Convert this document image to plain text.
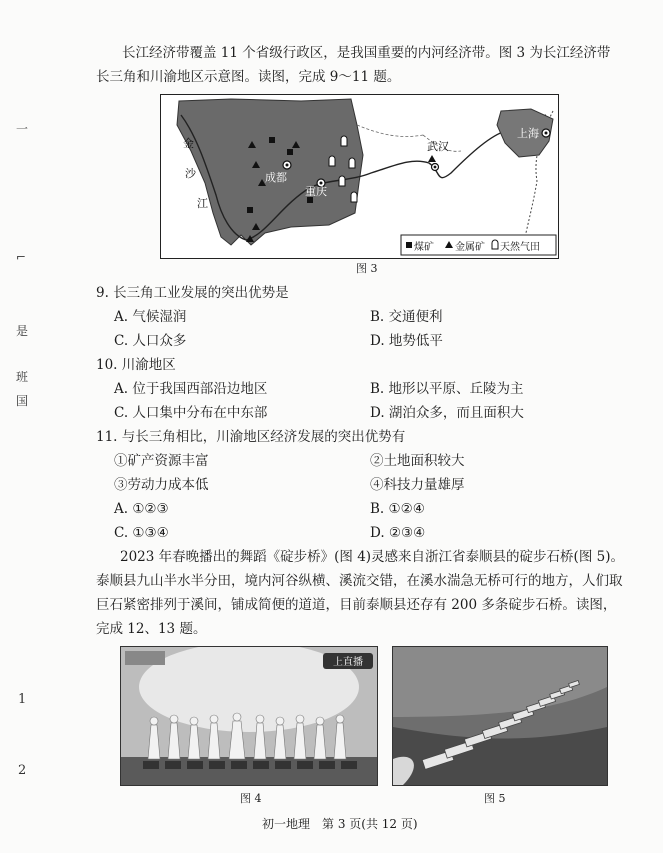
一
⌐
是
班
国
1
2
长江经济带覆盖 11 个省级行政区，是我国重要的内河经济带。图 3 为长江经济带
长三角和川渝地区示意图。读图，完成 9～11 题。
金
沙
江
成都
重庆
武汉
上海
煤矿 金属矿 天然气田
图 3
9. 长三角工业发展的突出优势是
A. 气候湿润	B. 交通便利
C. 人口众多	D. 地势低平
10. 川渝地区
A. 位于我国西部沿边地区	B. 地形以平原、丘陵为主
C. 人口集中分布在中东部	D. 湖泊众多，而且面积大
11. 与长三角相比，川渝地区经济发展的突出优势有
①矿产资源丰富	②土地面积较大
③劳动力成本低	④科技力量雄厚
A. ①②③	B. ①②④
C. ①③④	D. ②③④
2023 年春晚播出的舞蹈《碇步桥》(图 4)灵感来自浙江省泰顺县的碇步石桥(图 5)。
泰顺县九山半水半分田，境内河谷纵横、溪流交错，在溪水湍急无桥可行的地方，人们取
巨石紧密排列于溪间，铺成简便的道道，目前泰顺县还存有 200 多条碇步石桥。读图，
完成 12、13 题。
上直播
图 4	图 5
初一地理　第 3 页(共 12 页)
